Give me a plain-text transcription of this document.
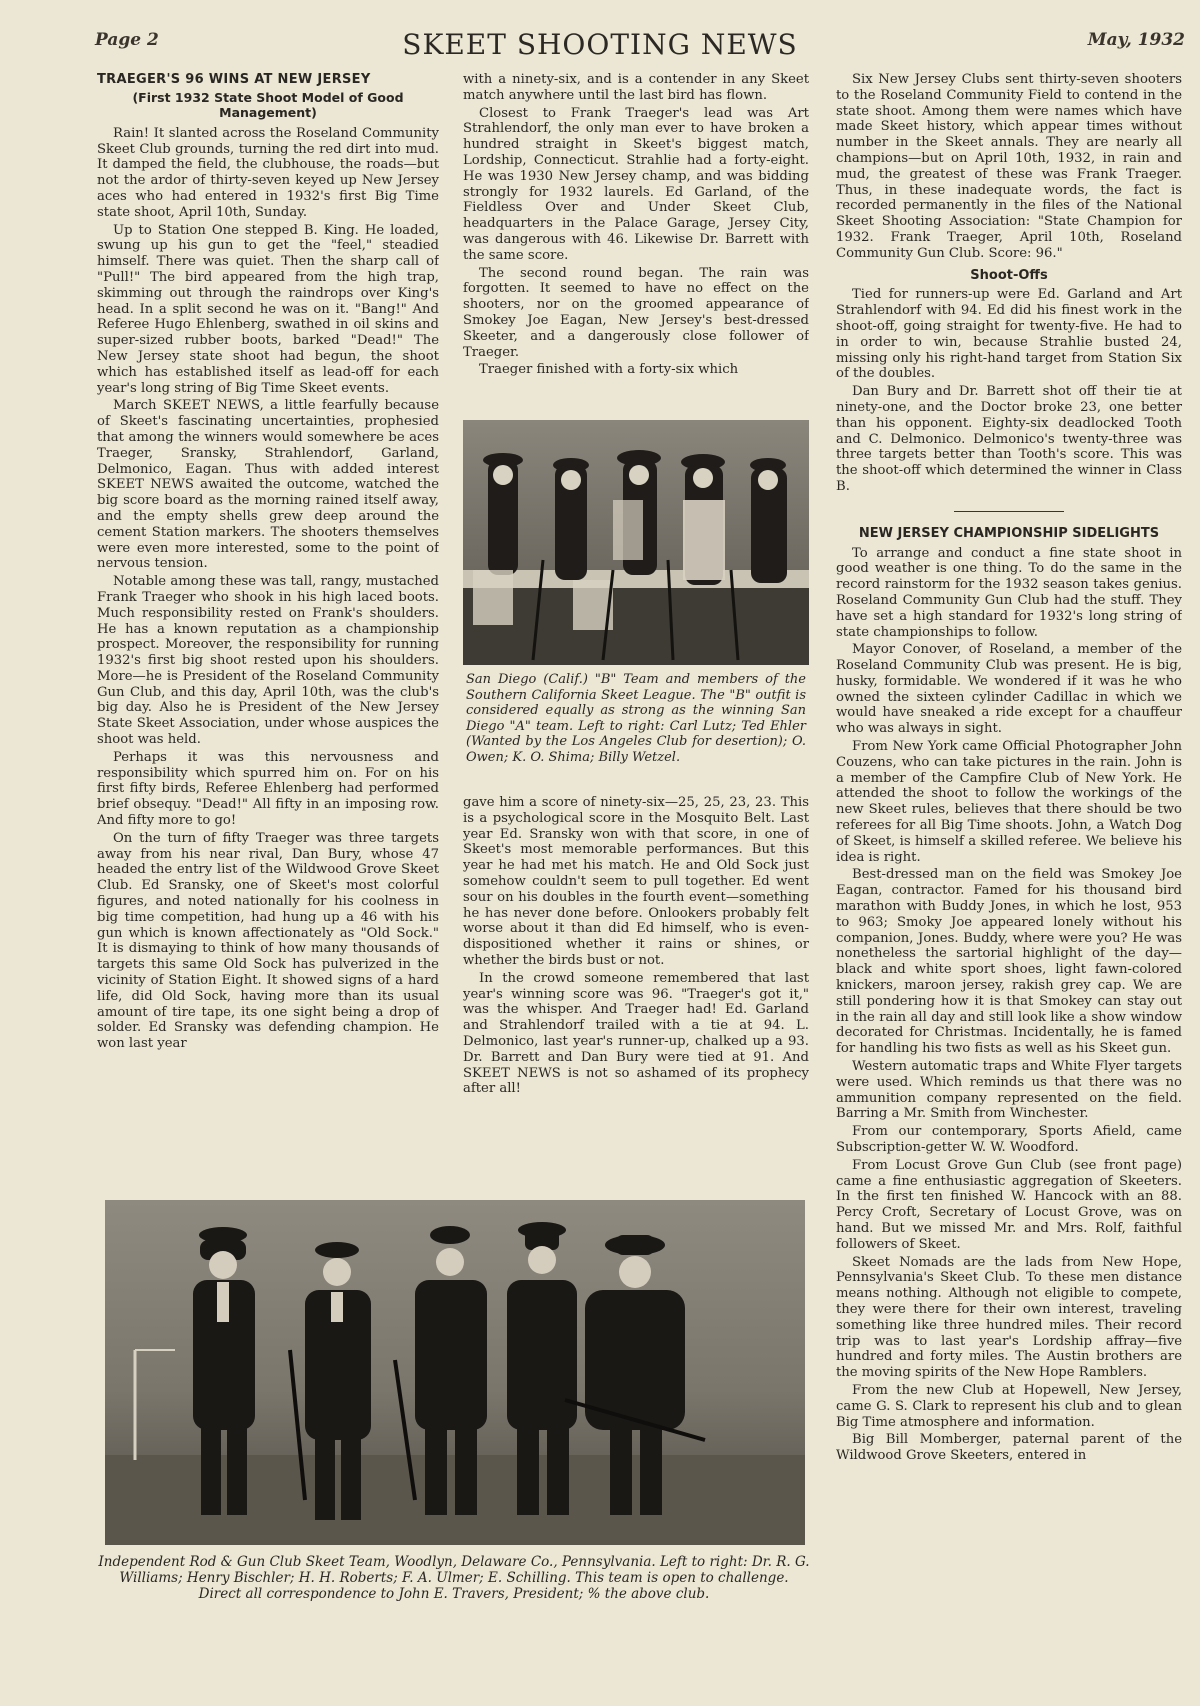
Page 2	SKEET SHOOTING NEWS	May, 1932

TRAEGER'S 96 WINS AT NEW JERSEY

(First 1932 State Shoot Model of Good Management)

Rain! It slanted across the Roseland Community Skeet Club grounds, turning the red dirt into mud. It damped the field, the clubhouse, the roads—but not the ardor of thirty-seven keyed up New Jersey aces who had entered in 1932's first Big Time state shoot, April 10th, Sunday.

Up to Station One stepped B. King. He loaded, swung up his gun to get the "feel," steadied himself. There was quiet. Then the sharp call of "Pull!" The bird appeared from the high trap, skimming out through the raindrops over King's head. In a split second he was on it. "Bang!" And Referee Hugo Ehlenberg, swathed in oil skins and super-sized rubber boots, barked "Dead!" The New Jersey state shoot had begun, the shoot which has established itself as lead-off for each year's long string of Big Time Skeet events.

March SKEET NEWS, a little fearfully because of Skeet's fascinating uncertainties, prophesied that among the winners would somewhere be aces Traeger, Sransky, Strahlendorf, Garland, Delmonico, Eagan. Thus with added interest SKEET NEWS awaited the outcome, watched the big score board as the morning rained itself away, and the empty shells grew deep around the cement Station markers. The shooters themselves were even more interested, some to the point of nervous tension.

Notable among these was tall, rangy, mustached Frank Traeger who shook in his high laced boots. Much responsibility rested on Frank's shoulders. He has a known reputation as a championship prospect. Moreover, the responsibility for running 1932's first big shoot rested upon his shoulders. More—he is President of the Roseland Community Gun Club, and this day, April 10th, was the club's big day. Also he is President of the New Jersey State Skeet Association, under whose auspices the shoot was held.

Perhaps it was this nervousness and responsibility which spurred him on. For on his first fifty birds, Referee Ehlenberg had performed brief obsequy. "Dead!" All fifty in an imposing row. And fifty more to go!

On the turn of fifty Traeger was three targets away from his near rival, Dan Bury, whose 47 headed the entry list of the Wildwood Grove Skeet Club. Ed Sransky, one of Skeet's most colorful figures, and noted nationally for his coolness in big time competition, had hung up a 46 with his gun which is known affectionately as "Old Sock." It is dismaying to think of how many thousands of targets this same Old Sock has pulverized in the vicinity of Station Eight. It showed signs of a hard life, did Old Sock, having more than its usual amount of tire tape, its one sight being a drop of solder. Ed Sransky was defending champion. He won last year

with a ninety-six, and is a contender in any Skeet match anywhere until the last bird has flown.

Closest to Frank Traeger's lead was Art Strahlendorf, the only man ever to have broken a hundred straight in Skeet's biggest match, Lordship, Connecticut. Strahlie had a forty-eight. He was 1930 New Jersey champ, and was bidding strongly for 1932 laurels. Ed Garland, of the Fieldless Over and Under Skeet Club, headquarters in the Palace Garage, Jersey City, was dangerous with 46. Likewise Dr. Barrett with the same score.

The second round began. The rain was forgotten. It seemed to have no effect on the shooters, nor on the groomed appearance of Smokey Joe Eagan, New Jersey's best-dressed Skeeter, and a dangerously close follower of Traeger.

Traeger finished with a forty-six which

San Diego (Calif.) "B" Team and members of the Southern California Skeet League. The "B" outfit is considered equally as strong as the winning San Diego "A" team. Left to right: Carl Lutz; Ted Ehler (Wanted by the Los Angeles Club for desertion); O. Owen; K. O. Shima; Billy Wetzel.

gave him a score of ninety-six—25, 25, 23, 23. This is a psychological score in the Mosquito Belt. Last year Ed. Sransky won with that score, in one of Skeet's most memorable performances. But this year he had met his match. He and Old Sock just somehow couldn't seem to pull together. Ed went sour on his doubles in the fourth event—something he has never done before. Onlookers probably felt worse about it than did Ed himself, who is even-dispositioned whether it rains or shines, or whether the birds bust or not.

In the crowd someone remembered that last year's winning score was 96. "Traeger's got it," was the whisper. And Traeger had! Ed. Garland and Strahlendorf trailed with a tie at 94. L. Delmonico, last year's runner-up, chalked up a 93. Dr. Barrett and Dan Bury were tied at 91. And SKEET NEWS is not so ashamed of its prophecy after all!

Six New Jersey Clubs sent thirty-seven shooters to the Roseland Community Field to contend in the state shoot. Among them were names which have made Skeet history, which appear times without number in the Skeet annals. They are nearly all champions—but on April 10th, 1932, in rain and mud, the greatest of these was Frank Traeger. Thus, in these inadequate words, the fact is recorded permanently in the files of the National Skeet Shooting Association: "State Champion for 1932. Frank Traeger, April 10th, Roseland Community Gun Club. Score: 96."

Shoot-Offs

Tied for runners-up were Ed. Garland and Art Strahlendorf with 94. Ed did his finest work in the shoot-off, going straight for twenty-five. He had to in order to win, because Strahlie busted 24, missing only his right-hand target from Station Six of the doubles.

Dan Bury and Dr. Barrett shot off their tie at ninety-one, and the Doctor broke 23, one better than his opponent. Eighty-six deadlocked Tooth and C. Delmonico. Delmonico's twenty-three was three targets better than Tooth's score. This was the shoot-off which determined the winner in Class B.

NEW JERSEY CHAMPIONSHIP SIDELIGHTS

To arrange and conduct a fine state shoot in good weather is one thing. To do the same in the record rainstorm for the 1932 season takes genius. Roseland Community Gun Club had the stuff. They have set a high standard for 1932's long string of state championships to follow.

Mayor Conover, of Roseland, a member of the Roseland Community Club was present. He is big, husky, formidable. We wondered if it was he who owned the sixteen cylinder Cadillac in which we would have sneaked a ride except for a chauffeur who was always in sight.

From New York came Official Photographer John Couzens, who can take pictures in the rain. John is a member of the Campfire Club of New York. He attended the shoot to follow the workings of the new Skeet rules, believes that there should be two referees for all Big Time shoots. John, a Watch Dog of Skeet, is himself a skilled referee. We believe his idea is right.

Best-dressed man on the field was Smokey Joe Eagan, contractor. Famed for his thousand bird marathon with Buddy Jones, in which he lost, 953 to 963; Smoky Joe appeared lonely without his companion, Jones. Buddy, where were you? He was nonetheless the sartorial highlight of the day—black and white sport shoes, light fawn-colored knickers, maroon jersey, rakish grey cap. We are still pondering how it is that Smokey can stay out in the rain all day and still look like a show window decorated for Christmas. Incidentally, he is famed for handling his two fists as well as his Skeet gun.

Western automatic traps and White Flyer targets were used. Which reminds us that there was no ammunition company represented on the field. Barring a Mr. Smith from Winchester.

From our contemporary, Sports Afield, came Subscription-getter W. W. Woodford.

From Locust Grove Gun Club (see front page) came a fine enthusiastic aggregation of Skeeters. In the first ten finished W. Hancock with an 88. Percy Croft, Secretary of Locust Grove, was on hand. But we missed Mr. and Mrs. Rolf, faithful followers of Skeet.

Skeet Nomads are the lads from New Hope, Pennsylvania's Skeet Club. To these men distance means nothing. Although not eligible to compete, they were there for their own interest, traveling something like three hundred miles. Their record trip was to last year's Lordship affray—five hundred and forty miles. The Austin brothers are the moving spirits of the New Hope Ramblers.

From the new Club at Hopewell, New Jersey, came G. S. Clark to represent his club and to glean Big Time atmosphere and information.

Big Bill Momberger, paternal parent of the Wildwood Grove Skeeters, entered in

Independent Rod & Gun Club Skeet Team, Woodlyn, Delaware Co., Pennsylvania. Left to right: Dr. R. G. Williams; Henry Bischler; H. H. Roberts; F. A. Ulmer; E. Schilling. This team is open to challenge. Direct all correspondence to John E. Travers, President; % the above club.
